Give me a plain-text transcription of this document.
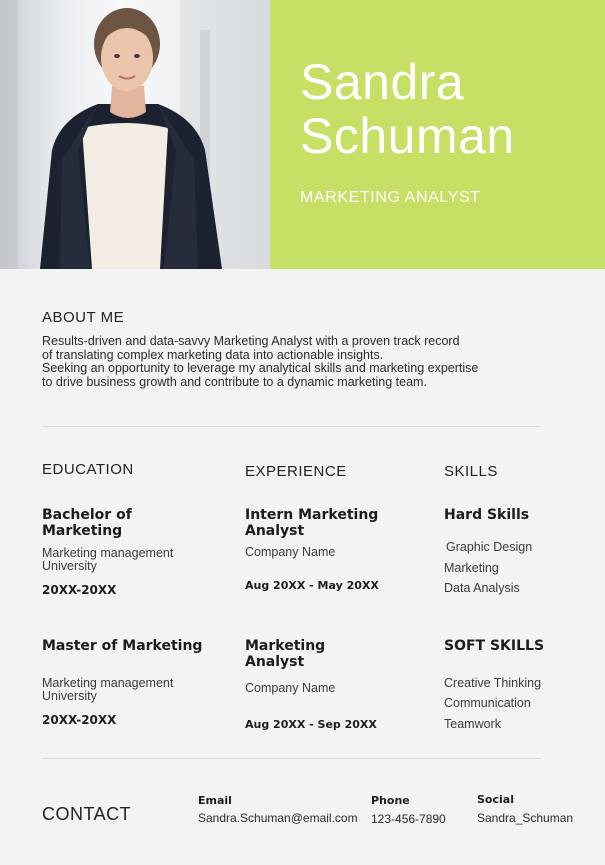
Sandra
Schuman
MARKETING ANALYST
ABOUT ME
Results-driven and data-savvy Marketing Analyst with a proven track record
of translating complex marketing data into actionable insights.
Seeking an opportunity to leverage my analytical skills and marketing expertise
to drive business growth and contribute to a dynamic marketing team.
EDUCATION	EXPERIENCE	SKILLS
Bachelor of
Marketing
Marketing management
University
20XX-20XX
Master of Marketing
Marketing management
University
20XX-20XX
Intern Marketing
Analyst
Company Name
Aug 20XX - May 20XX
Marketing
Analyst
Company Name
Aug 20XX - Sep 20XX
Hard Skills
Graphic Design
Marketing
Data Analysis
SOFT SKILLS
Creative Thinking
Communication
Teamwork
CONTACT
Email
Sandra.Schuman@email.com
Phone
123-456-7890
Social
Sandra_Schuman
